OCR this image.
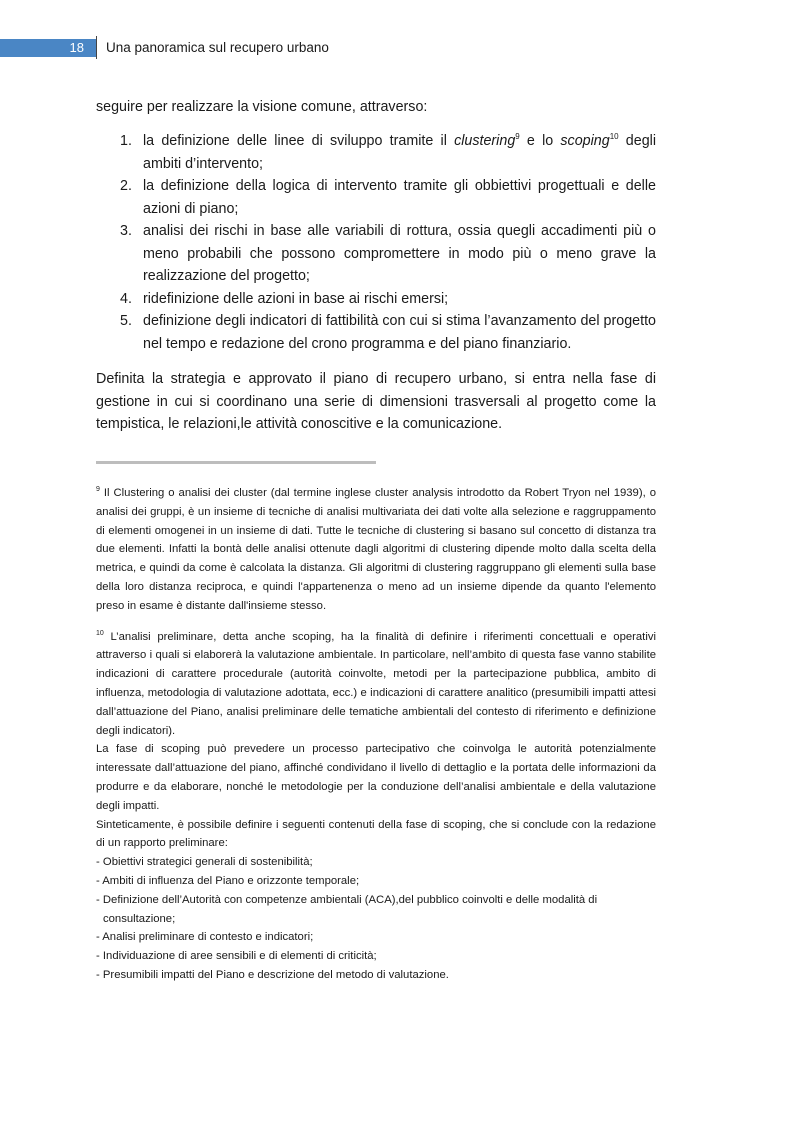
18	Una panoramica sul recupero urbano

seguire per realizzare la visione comune, attraverso:

1. la definizione delle linee di sviluppo tramite il clustering$^9$ e lo scoping$^{10}$ degli ambiti d’intervento;
2. la definizione della logica di intervento tramite gli obbiettivi progettuali e delle azioni di piano;
3. analisi dei rischi in base alle variabili di rottura, ossia quegli accadimenti più o meno probabili che possono compromettere in modo più o meno grave la realizzazione del progetto;
4. ridefinizione delle azioni in base ai rischi emersi;
5. definizione degli indicatori di fattibilità con cui si stima l’avanzamento del progetto nel tempo e redazione del crono programma e del piano finanziario.

Definita la strategia e approvato il piano di recupero urbano, si entra nella fase di gestione in cui si coordinano una serie di dimensioni trasversali al progetto come la tempistica, le relazioni,le attività conoscitive e la comunicazione.

$^9$ Il Clustering o analisi dei cluster (dal termine inglese cluster analysis introdotto da Robert Tryon nel 1939), o analisi dei gruppi, è un insieme di tecniche di analisi multivariata dei dati volte alla selezione e raggruppamento di elementi omogenei in un insieme di dati. Tutte le tecniche di clustering si basano sul concetto di distanza tra due elementi. Infatti la bontà delle analisi ottenute dagli algoritmi di clustering dipende molto dalla scelta della metrica, e quindi da come è calcolata la distanza. Gli algoritmi di clustering raggruppano gli elementi sulla base della loro distanza reciproca, e quindi l'appartenenza o meno ad un insieme dipende da quanto l'elemento preso in esame è distante dall'insieme stesso.

$^{10}$ L’analisi preliminare, detta anche scoping, ha la finalità di definire i riferimenti concettuali e operativi attraverso i quali si elaborerà la valutazione ambientale. In particolare, nell’ambito di questa fase vanno stabilite indicazioni di carattere procedurale (autorità coinvolte, metodi per la partecipazione pubblica, ambito di influenza, metodologia di valutazione adottata, ecc.) e indicazioni di carattere analitico (presumibili impatti attesi dall’attuazione del Piano, analisi preliminare delle tematiche ambientali del contesto di riferimento e definizione degli indicatori).

La fase di scoping può prevedere un processo partecipativo che coinvolga le autorità potenzialmente interessate dall’attuazione del piano, affinché condividano il livello di dettaglio e la portata delle informazioni da produrre e da elaborare, nonché le metodologie per la conduzione dell’analisi ambientale e della valutazione degli impatti.

Sinteticamente, è possibile definire i seguenti contenuti della fase di scoping, che si conclude con la redazione di un rapporto preliminare:

- Obiettivi strategici generali di sostenibilità;

- Ambiti di influenza del Piano e orizzonte temporale;

- Definizione dell’Autorità con competenze ambientali (ACA),del pubblico coinvolti e delle modalità di consultazione;

- Analisi preliminare di contesto e indicatori;

- Individuazione di aree sensibili e di elementi di criticità;

- Presumibili impatti del Piano e descrizione del metodo di valutazione.
